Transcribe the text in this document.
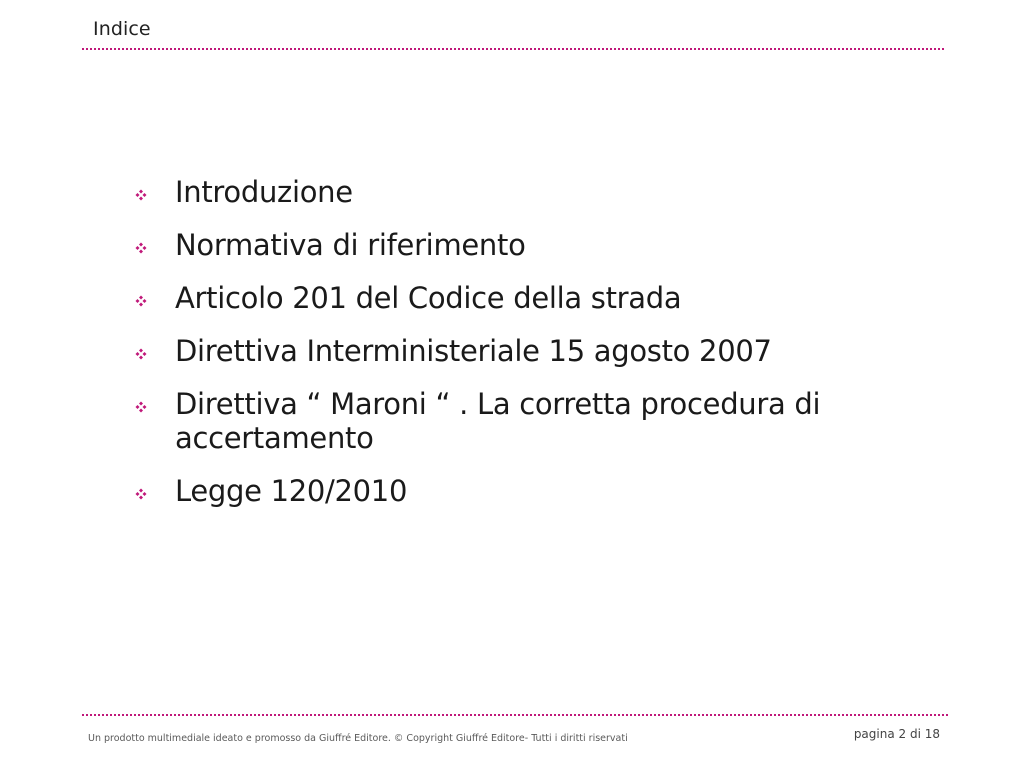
Indice
Introduzione
Normativa di riferimento
Articolo 201 del Codice della strada
Direttiva Interministeriale 15 agosto 2007
Direttiva “ Maroni “ . La corretta procedura di accertamento
Legge 120/2010
Un prodotto multimediale ideato e promosso da Giuffré Editore. © Copyright Giuffré Editore- Tutti i diritti riservati	pagina 2 di 18
